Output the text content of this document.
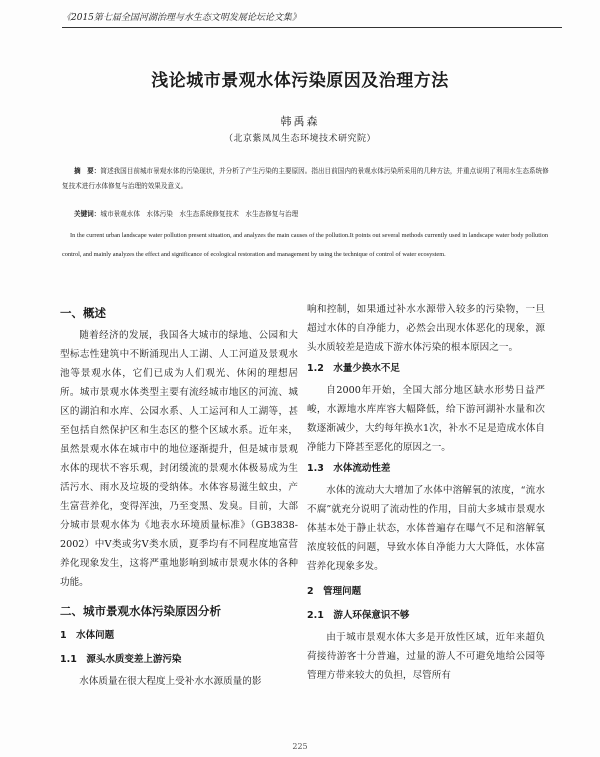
《2015第七届全国河湖治理与水生态文明发展论坛论文集》
浅论城市景观水体污染原因及治理方法
韩禹森
（北京紫凤凤生态环境技术研究院）
摘　要：简述我国目前城市景观水体的污染现状，并分析了产生污染的主要原因。指出目前国内的景观水体污染所采用的几种方法，并重点说明了利用水生态系统修复技术进行水体修复与治理的效果及意义。
关键词：城市景观水体　水体污染　水生态系统修复技术　水生态修复与治理
In the current urban landscape water pollution present situation, and analyzes the main causes of the pollution.It points out several methods currently used in landscape water body pollution control, and mainly analyzes the effect and significance of ecological restoration and management by using the technique of control of water ecosystem.
一、概述

随着经济的发展，我国各大城市的绿地、公园和大型标志性建筑中不断涌现出人工湖、人工河道及景观水池等景观水体，它们已成为人们观光、休闲的理想居所。城市景观水体类型主要有流经城市地区的河流、城区的湖泊和水库、公园水系、人工运河和人工湖等，甚至包括自然保护区和生态区的整个区域水系。近年来，虽然景观水体在城市中的地位逐渐提升，但是城市景观水体的现状不容乐观，封闭缓流的景观水体极易成为生活污水、雨水及垃圾的受纳体。水体容易滋生蚊虫，产生富营养化，变得浑浊，乃至变黑、发臭。目前，大部分城市景观水体为《地表水环境质量标准》（GB3838-2002）中Ⅴ类或劣Ⅴ类水质，夏季均有不同程度地富营养化现象发生，这将严重地影响到城市景观水体的各种功能。

二、城市景观水体污染原因分析
1　水体问题
1.1　源头水质变差上游污染

水体质量在很大程度上受补水水源质量的影

响和控制，如果通过补水水源带入较多的污染物，一旦超过水体的自净能力，必然会出现水体恶化的现象，源头水质较差是造成下游水体污染的根本原因之一。

1.2　水量少换水不足

自2000年开始，全国大部分地区缺水形势日益严峻，水源地水库库容大幅降低，给下游河湖补水量和次数逐渐减少，大约每年换水1次，补水不足是造成水体自净能力下降甚至恶化的原因之一。

1.3　水体流动性差

水体的流动大大增加了水体中溶解氧的浓度，“流水不腐”就充分说明了流动性的作用，目前大多城市景观水体基本处于静止状态，水体普遍存在曝气不足和溶解氧浓度较低的问题，导致水体自净能力大大降低，水体富营养化现象多发。

2　管理问题
2.1　游人环保意识不够

由于城市景观水体大多是开放性区域，近年来超负荷接待游客十分普遍，过量的游人不可避免地给公园等管理方带来较大的负担，尽管所有

225
